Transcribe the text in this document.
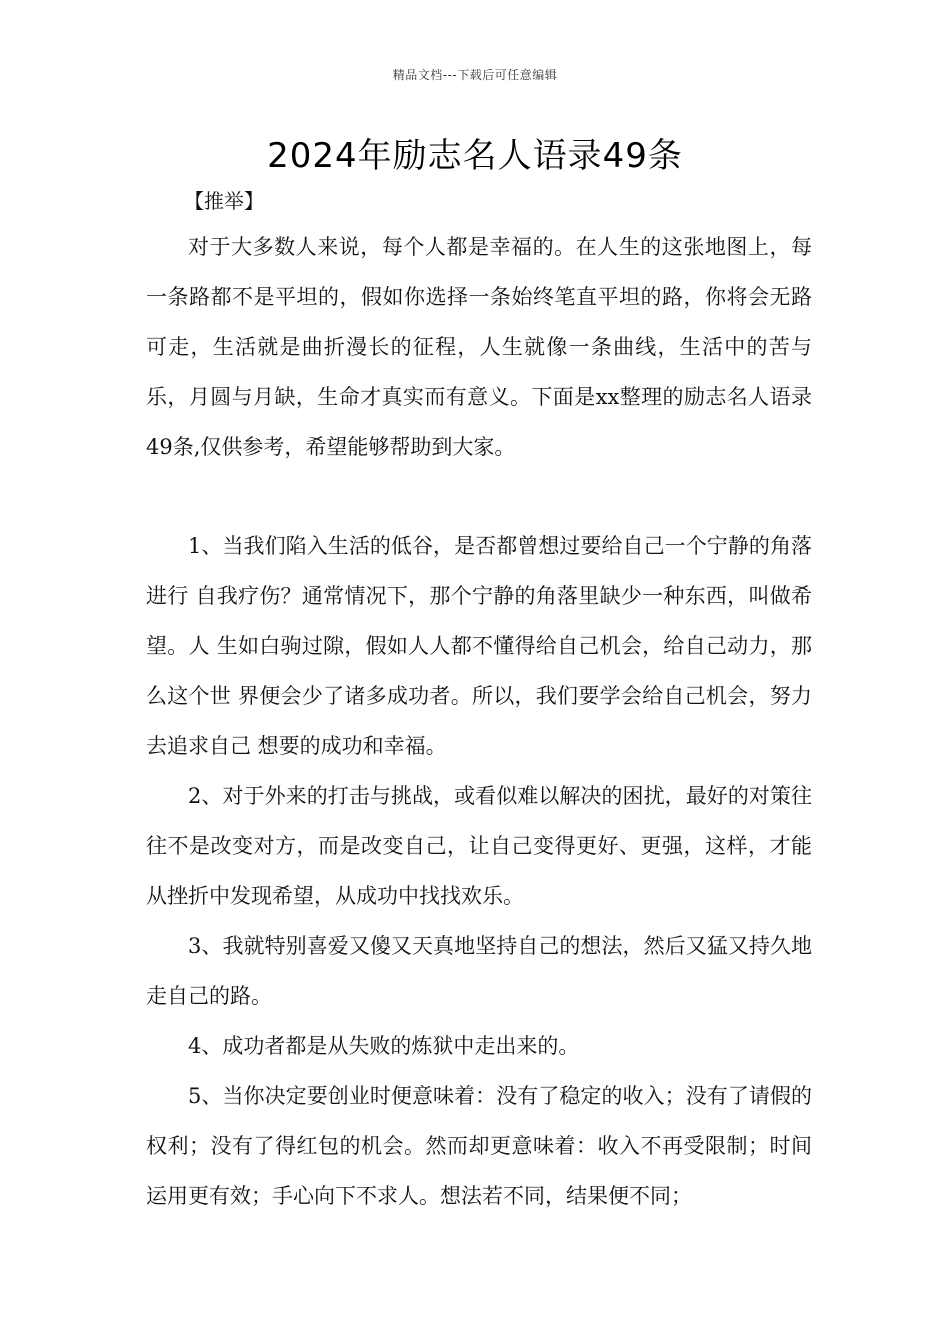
精品文档---下载后可任意编辑
2024年励志名人语录49条
【推举】

对于大多数人来说，每个人都是幸福的。在人生的这张地图上，每一条路都不是平坦的，假如你选择一条始终笔直平坦的路，你将会无路可走，生活就是曲折漫长的征程，人生就像一条曲线，生活中的苦与乐，月圆与月缺，生命才真实而有意义。下面是xx整理的励志名人语录49条,仅供参考，希望能够帮助到大家。

1、当我们陷入生活的低谷，是否都曾想过要给自己一个宁静的角落进行 自我疗伤？通常情况下，那个宁静的角落里缺少一种东西，叫做希望。人 生如白驹过隙，假如人人都不懂得给自己机会，给自己动力，那么这个世 界便会少了诸多成功者。所以，我们要学会给自己机会，努力去追求自己 想要的成功和幸福。

2、对于外来的打击与挑战，或看似难以解决的困扰，最好的对策往往不是改变对方，而是改变自己，让自己变得更好、更强，这样，才能从挫折中发现希望，从成功中找找欢乐。

3、我就特别喜爱又傻又天真地坚持自己的想法，然后又猛又持久地走自己的路。

4、成功者都是从失败的炼狱中走出来的。

5、当你决定要创业时便意味着：没有了稳定的收入；没有了请假的权利；没有了得红包的机会。然而却更意味着：收入不再受限制；时间运用更有效；手心向下不求人。想法若不同，结果便不同；
